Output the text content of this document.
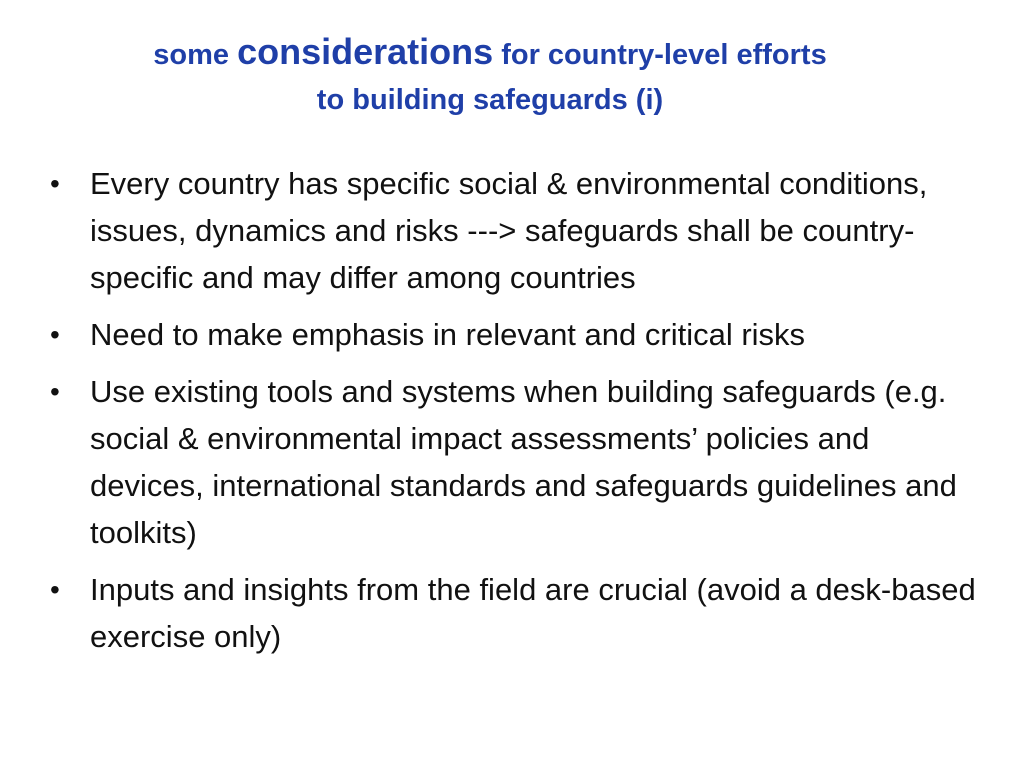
some considerations for country-level efforts
to building safeguards (i)
• Every country has specific social & environmental conditions, issues, dynamics and risks ---> safeguards shall be country-specific and may differ among countries
• Need to make emphasis in relevant and critical risks
• Use existing tools and systems when building safeguards (e.g. social & environmental impact assessments’ policies and devices, international standards and safeguards guidelines and toolkits)
• Inputs and insights from the field are crucial (avoid a desk-based exercise only)
